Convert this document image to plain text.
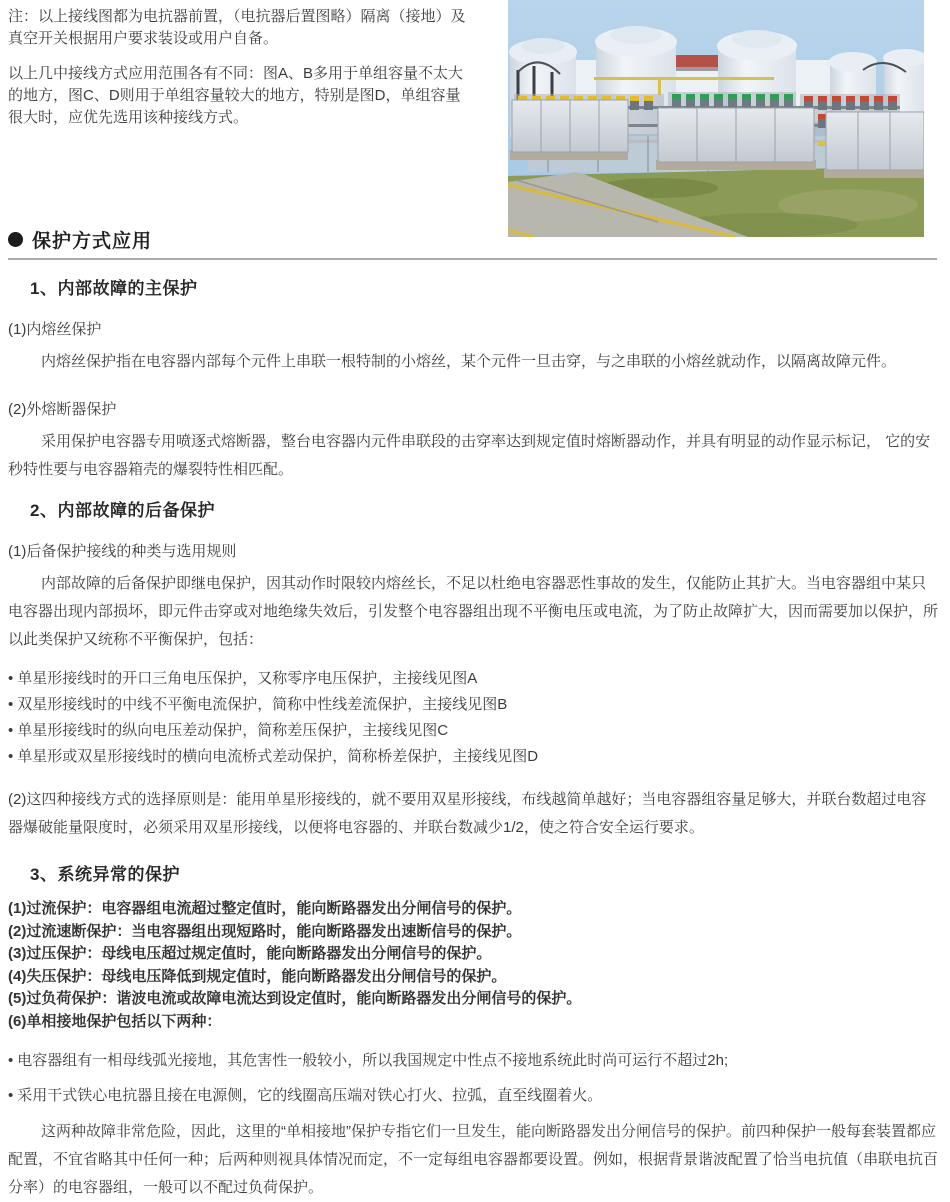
注：以上接线图都为电抗器前置，（电抗器后置图略）隔离（接地）及真空开关根据用户要求装设或用户自备。

以上几中接线方式应用范围各有不同：图A、B多用于单组容量不太大的地方，图C、D则用于单组容量较大的地方，特别是图D，单组容量很大时，应优先选用该种接线方式。

保护方式应用
1、内部故障的主保护
(1)内熔丝保护

内熔丝保护指在电容器内部每个元件上串联一根特制的小熔丝，某个元件一旦击穿，与之串联的小熔丝就动作，以隔离故障元件。

(2)外熔断器保护

采用保护电容器专用喷逐式熔断器，整台电容器内元件串联段的击穿率达到规定值时熔断器动作，并具有明显的动作显示标记， 它的安秒特性要与电容器箱壳的爆裂特性相匹配。

2、内部故障的后备保护
(1)后备保护接线的种类与选用规则

内部故障的后备保护即继电保护，因其动作时限较内熔丝长，不足以杜绝电容器恶性事故的发生，仅能防止其扩大。当电容器组中某只电容器出现内部损坏，即元件击穿或对地绝缘失效后，引发整个电容器组出现不平衡电压或电流，为了防止故障扩大，因而需要加以保护，所以此类保护又统称不平衡保护，包括：

• 单星形接线时的开口三角电压保护，又称零序电压保护，主接线见图A
• 双星形接线时的中线不平衡电流保护，简称中性线差流保护，主接线见图B
• 单星形接线时的纵向电压差动保护，简称差压保护，主接线见图C
• 单星形或双星形接线时的横向电流桥式差动保护，简称桥差保护，主接线见图D

(2)这四种接线方式的选择原则是：能用单星形接线的，就不要用双星形接线，布线越简单越好；当电容器组容量足够大，并联台数超过电容器爆破能量限度时，必须采用双星形接线，以便将电容器的、并联台数减少1/2，使之符合安全运行要求。

3、系统异常的保护
(1)过流保护：电容器组电流超过整定值时，能向断路器发出分闸信号的保护。
(2)过流速断保护：当电容器组出现短路时，能向断路器发出速断信号的保护。
(3)过压保护：母线电压超过规定值时，能向断路器发出分闸信号的保护。
(4)失压保护：母线电压降低到规定值时，能向断路器发出分闸信号的保护。
(5)过负荷保护：谐波电流或故障电流达到设定值时，能向断路器发出分闸信号的保护。
(6)单相接地保护包括以下两种：
• 电容器组有一相母线弧光接地，其危害性一般较小，所以我国规定中性点不接地系统此时尚可运行不超过2h;
• 采用干式铁心电抗器且接在电源侧，它的线圈高压端对铁心打火、拉弧，直至线圈着火。

这两种故障非常危险，因此，这里的“单相接地”保护专指它们一旦发生，能向断路器发出分闸信号的保护。前四种保护一般每套装置都应配置，不宜省略其中任何一种；后两种则视具体情况而定，不一定每组电容器都要设置。例如，根据背景谐波配置了恰当电抗值（串联电抗百分率）的电容器组，一般可以不配过负荷保护。
